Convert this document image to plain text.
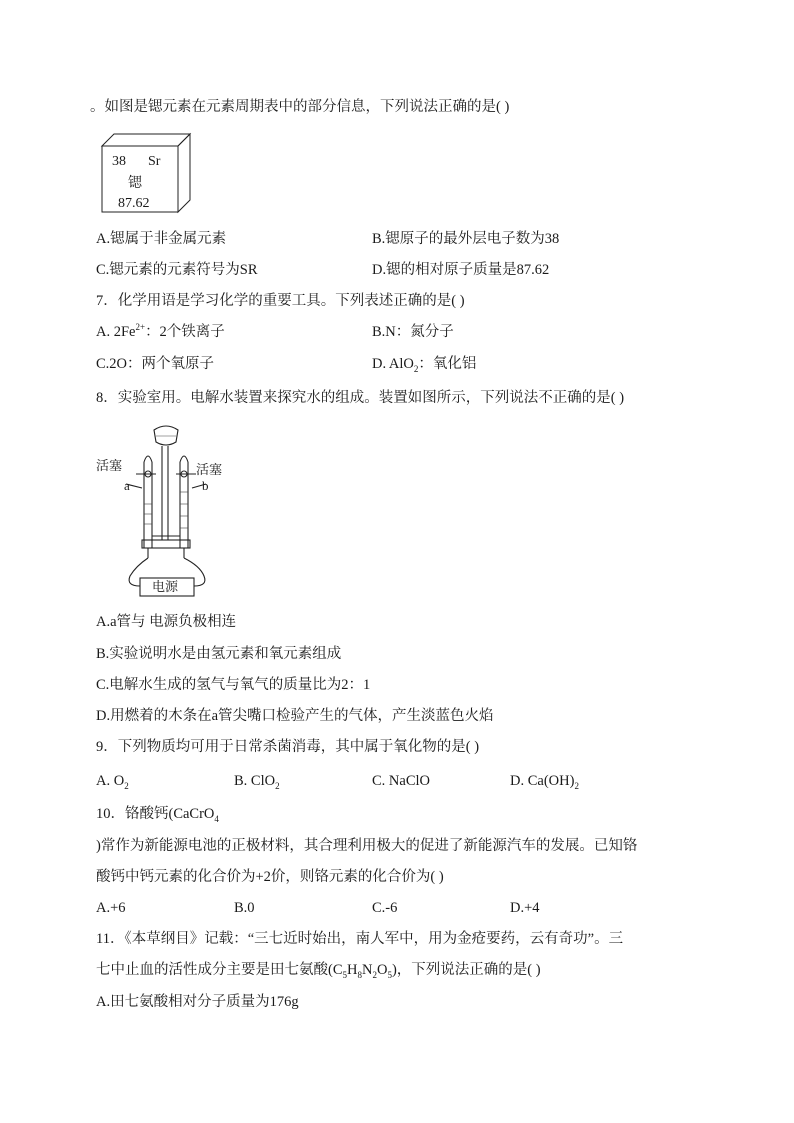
。如图是锶元素在元素周期表中的部分信息，下列说法正确的是( )
38 Sr
锶
87.62
A.锶属于非金属元素	B.锶原子的最外层电子数为38
C.锶元素的元素符号为SR	D.锶的相对原子质量是87.62
7．化学用语是学习化学的重要工具。下列表述正确的是( )
A. $2Fe^{2+}$：2个铁离子	B.N：氮分子
C.2O：两个氧原子	D. AlO$_2$：氧化铝
8．实验室用。电解水装置来探究水的组成。装置如图所示，下列说法不正确的是( )
活塞	活塞
a	b
电源
A.a管与 电源负极相连
B.实验说明水是由氢元素和氧元素组成
C.电解水生成的氢气与氧气的质量比为2：1
D.用燃着的木条在a管尖嘴口检验产生的气体，产生淡蓝色火焰
9．下列物质均可用于日常杀菌消毒，其中属于氧化物的是( )
A. $O_2$	B. ClO$_2$	C. NaClO	D. $Ca(OH)_2$
10．铬酸钙(CaCrO$_4$
)常作为新能源电池的正极材料，其合理利用极大的促进了新能源汽车的发展。已知铬
酸钙中钙元素的化合价为+2价，则铬元素的化合价为( )
A.+6	B.0	C.-6	D.+4
11．《本草纲目》记载：“三七近时始出，南人军中，用为金疮要药，云有奇功”。三
七中止血的活性成分主要是田七氨酸$(C_5H_8N_2O_5)$，下列说法正确的是( )
A.田七氨酸相对分子质量为176g
